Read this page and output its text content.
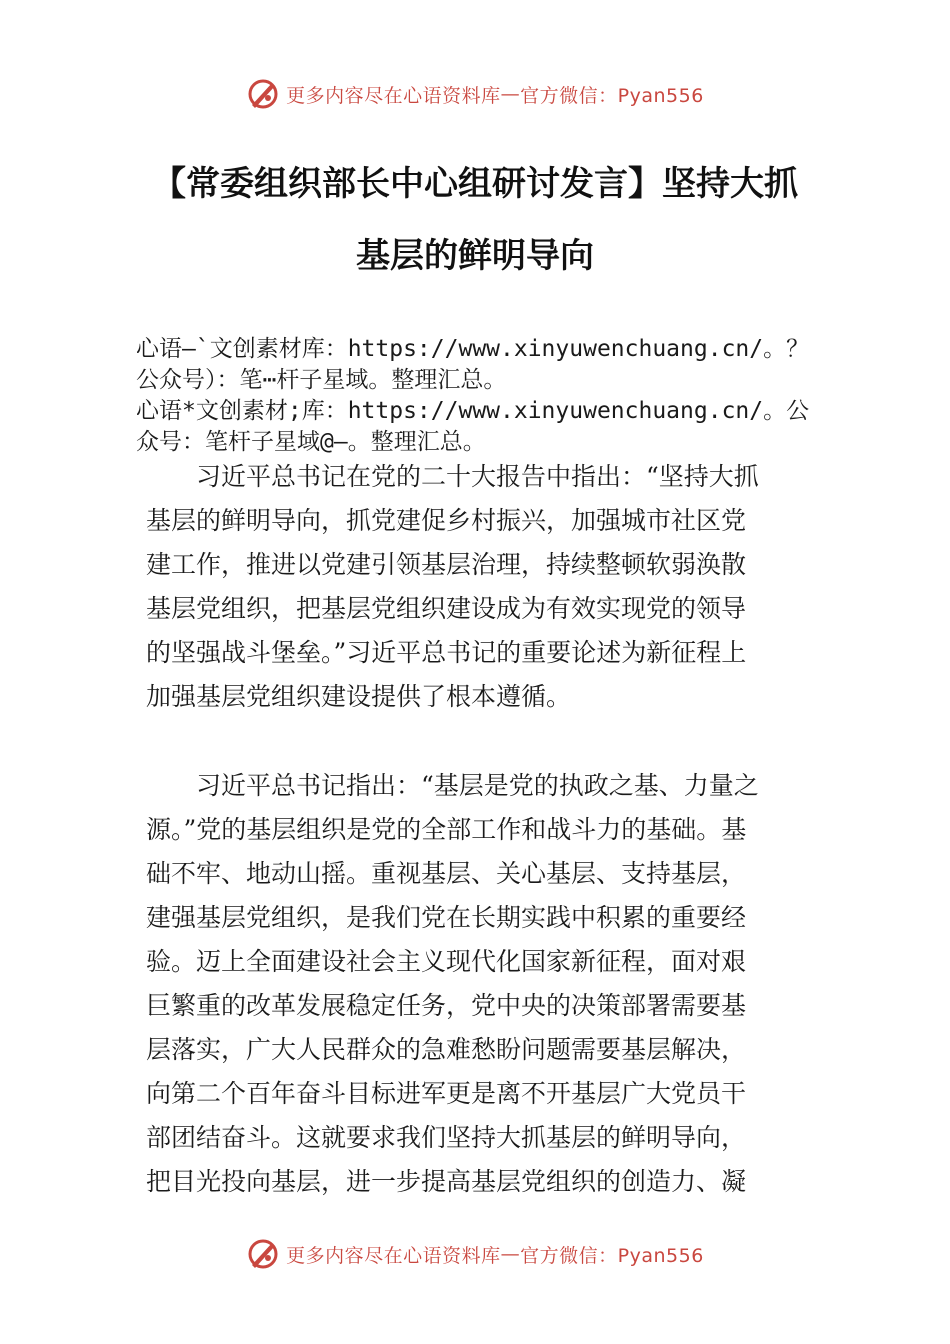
更多内容尽在心语资料库 — 官方微信：Pyan556
【常委组织部长中心组研讨发言】坚持大抓
基层的鲜明导向
心语—`文创素材库：https://www.xinyuwenchuang.cn/。？
公众号）：笔⋯杆子星域。整理汇总。
心语*文创素材;库：https://www.xinyuwenchuang.cn/。公
众号：笔杆子星域@—。整理汇总。

　　习近平总书记在党的二十大报告中指出：“坚持大抓

基层的鲜明导向，抓党建促乡村振兴，加强城市社区党

建工作，推进以党建引领基层治理，持续整顿软弱涣散

基层党组织，把基层党组织建设成为有效实现党的领导

的坚强战斗堡垒。”习近平总书记的重要论述为新征程上

加强基层党组织建设提供了根本遵循。

　　习近平总书记指出：“基层是党的执政之基、力量之

源。”党的基层组织是党的全部工作和战斗力的基础。基

础不牢、地动山摇。重视基层、关心基层、支持基层，

建强基层党组织，是我们党在长期实践中积累的重要经

验。迈上全面建设社会主义现代化国家新征程，面对艰

巨繁重的改革发展稳定任务，党中央的决策部署需要基

层落实，广大人民群众的急难愁盼问题需要基层解决，

向第二个百年奋斗目标进军更是离不开基层广大党员干

部团结奋斗。这就要求我们坚持大抓基层的鲜明导向，

把目光投向基层，进一步提高基层党组织的创造力、凝

更多内容尽在心语资料库 — 官方微信：Pyan556
